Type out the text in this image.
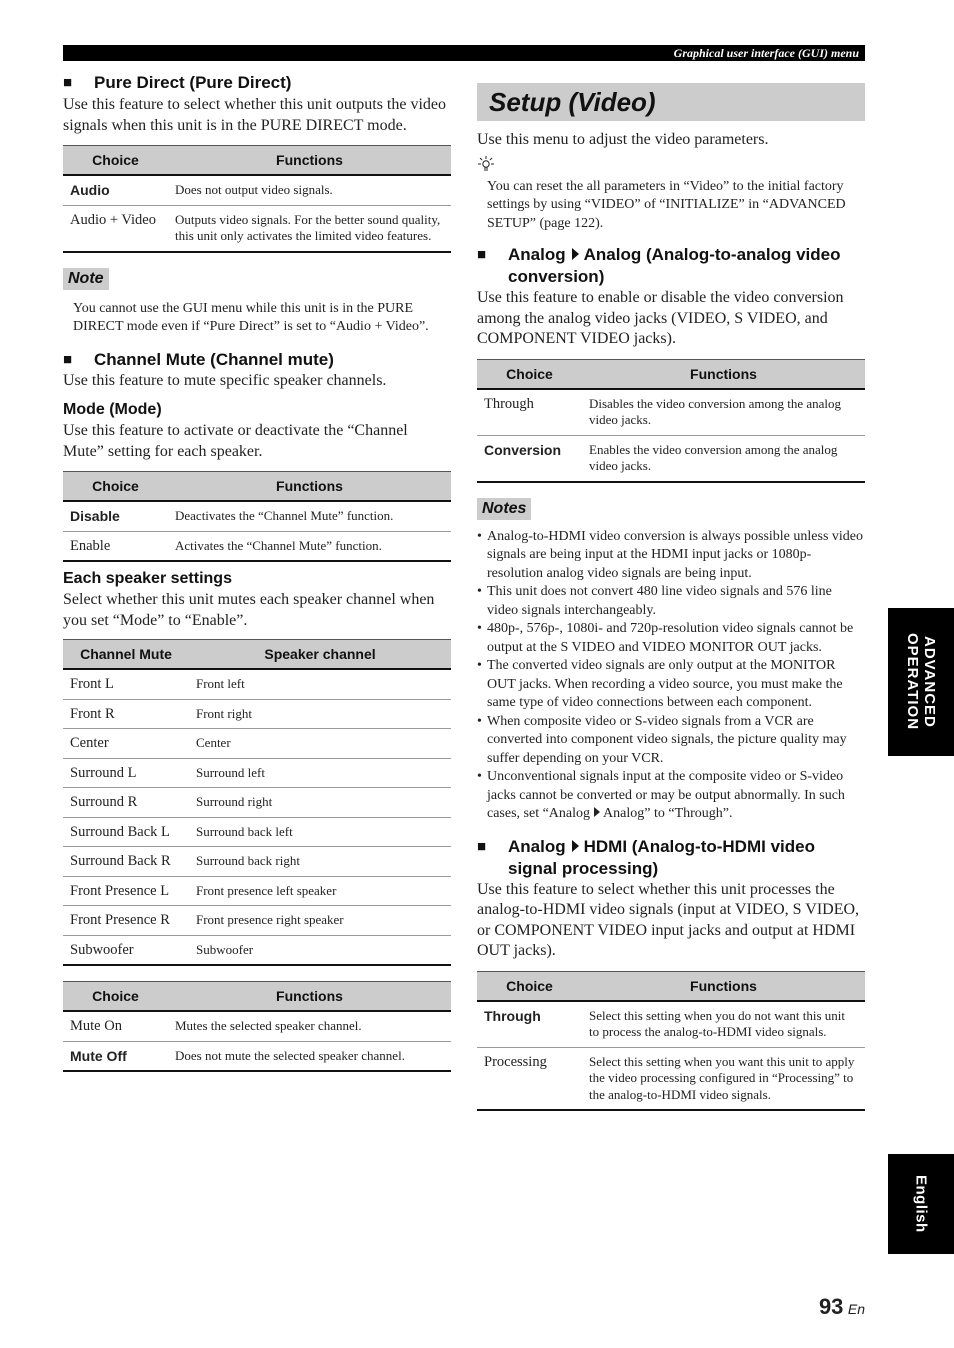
Graphical user interface (GUI) menu
■	Pure Direct (Pure Direct)

Use this feature to select whether this unit outputs the video signals when this unit is in the PURE DIRECT mode.

Choice	Functions
Audio	Does not output video signals.
Audio + Video	Outputs video signals. For the better sound quality, this unit only activates the limited video features.
Note

You cannot use the GUI menu while this unit is in the PURE DIRECT mode even if “Pure Direct” is set to “Audio + Video”.

■	Channel Mute (Channel mute)

Use this feature to mute specific speaker channels.

Mode (Mode)

Use this feature to activate or deactivate the “Channel Mute” setting for each speaker.

Choice	Functions
Disable	Deactivates the “Channel Mute” function.
Enable	Activates the “Channel Mute” function.
Each speaker settings

Select whether this unit mutes each speaker channel when you set “Mode” to “Enable”.

Channel Mute	Speaker channel
Front L	Front left
Front R	Front right
Center	Center
Surround L	Surround left
Surround R	Surround right
Surround Back L	Surround back left
Surround Back R	Surround back right
Front Presence L	Front presence left speaker
Front Presence R	Front presence right speaker
Subwoofer	Subwoofer
Choice	Functions
Mute On	Mutes the selected speaker channel.
Mute Off	Does not mute the selected speaker channel.
Setup (Video)

Use this menu to adjust the video parameters.

You can reset the all parameters in “Video” to the initial factory settings by using “VIDEO” of “INITIALIZE” in “ADVANCED SETUP” (page 122).

■	Analog Analog (Analog-to-analog video conversion)

Use this feature to enable or disable the video conversion among the analog video jacks (VIDEO, S VIDEO, and COMPONENT VIDEO jacks).

Choice	Functions
Through	Disables the video conversion among the analog video jacks.
Conversion	Enables the video conversion among the analog video jacks.
Notes
• Analog-to-HDMI video conversion is always possible unless video signals are being input at the HDMI input jacks or 1080p-resolution analog video signals are being input.
• This unit does not convert 480 line video signals and 576 line video signals interchangeably.
• 480p-, 576p-, 1080i- and 720p-resolution video signals cannot be output at the S VIDEO and VIDEO MONITOR OUT jacks.
• The converted video signals are only output at the MONITOR OUT jacks. When recording a video source, you must make the same type of video connections between each component.
• When composite video or S-video signals from a VCR are converted into component video signals, the picture quality may suffer depending on your VCR.
• Unconventional signals input at the composite video or S-video jacks cannot be converted or may be output abnormally. In such cases, set “Analog Analog” to “Through”.
■	Analog HDMI (Analog-to-HDMI video signal processing)

Use this feature to select whether this unit processes the analog-to-HDMI video signals (input at VIDEO, S VIDEO, or COMPONENT VIDEO input jacks and output at HDMI OUT jacks).

Choice	Functions
Through	Select this setting when you do not want this unit to process the analog-to-HDMI video signals.
Processing	Select this setting when you want this unit to apply the video processing configured in “Processing” to the analog-to-HDMI video signals.
ADVANCED
OPERATION
English
93 En
